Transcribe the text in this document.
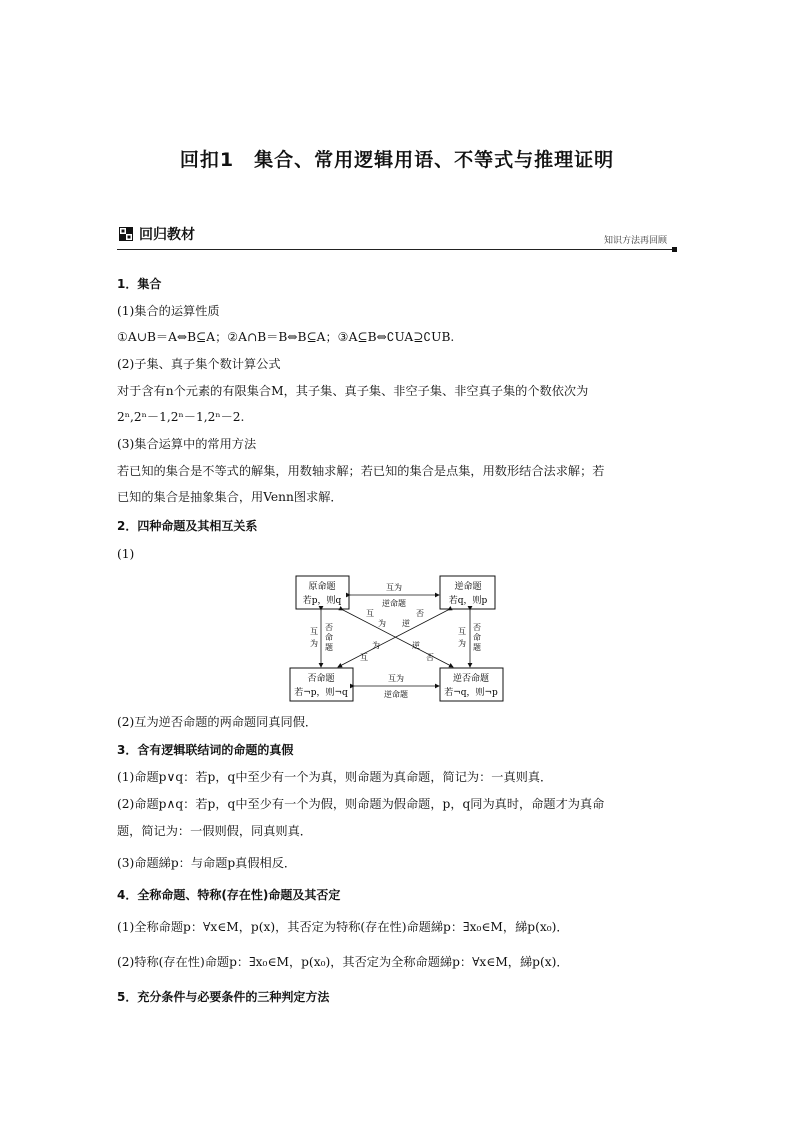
回扣1　集合、常用逻辑用语、不等式与推理证明
回归教材	知识方法再回顾
1．集合
(1)集合的运算性质
①A∪B＝A⇔B⊆A；②A∩B＝B⇔B⊆A；③A⊆B⇔∁UA⊇∁UB.
(2)子集、真子集个数计算公式
对于含有n个元素的有限集合M，其子集、真子集、非空子集、非空真子集的个数依次为
2ⁿ,2ⁿ－1,2ⁿ－1,2ⁿ－2.
(3)集合运算中的常用方法
若已知的集合是不等式的解集，用数轴求解；若已知的集合是点集，用数形结合法求解；若
已知的集合是抽象集合，用Venn图求解．
2．四种命题及其相互关系
(1)
原命题
若p，则q
逆命题
若q，则p
否命题
若¬p，则¬q
逆否命题
若¬q，则¬p
互为
逆命题
互为
逆命题
互
为
否
命
题
否
命
题
互
为
互
为 逆
否
为
互
逆
否
(2)互为逆否命题的两命题同真同假．
3．含有逻辑联结词的命题的真假
(1)命题p∨q：若p，q中至少有一个为真，则命题为真命题，简记为：一真则真．
(2)命题p∧q：若p，q中至少有一个为假，则命题为假命题，p，q同为真时，命题才为真命
题，简记为：一假则假，同真则真．
(3)命题綈p：与命题p真假相反．
4．全称命题、特称(存在性)命题及其否定
(1)全称命题p：∀x∈M，p(x)，其否定为特称(存在性)命题綈p：∃x₀∈M，綈p(x₀)．
(2)特称(存在性)命题p：∃x₀∈M，p(x₀)，其否定为全称命题綈p：∀x∈M，綈p(x)．
5．充分条件与必要条件的三种判定方法
